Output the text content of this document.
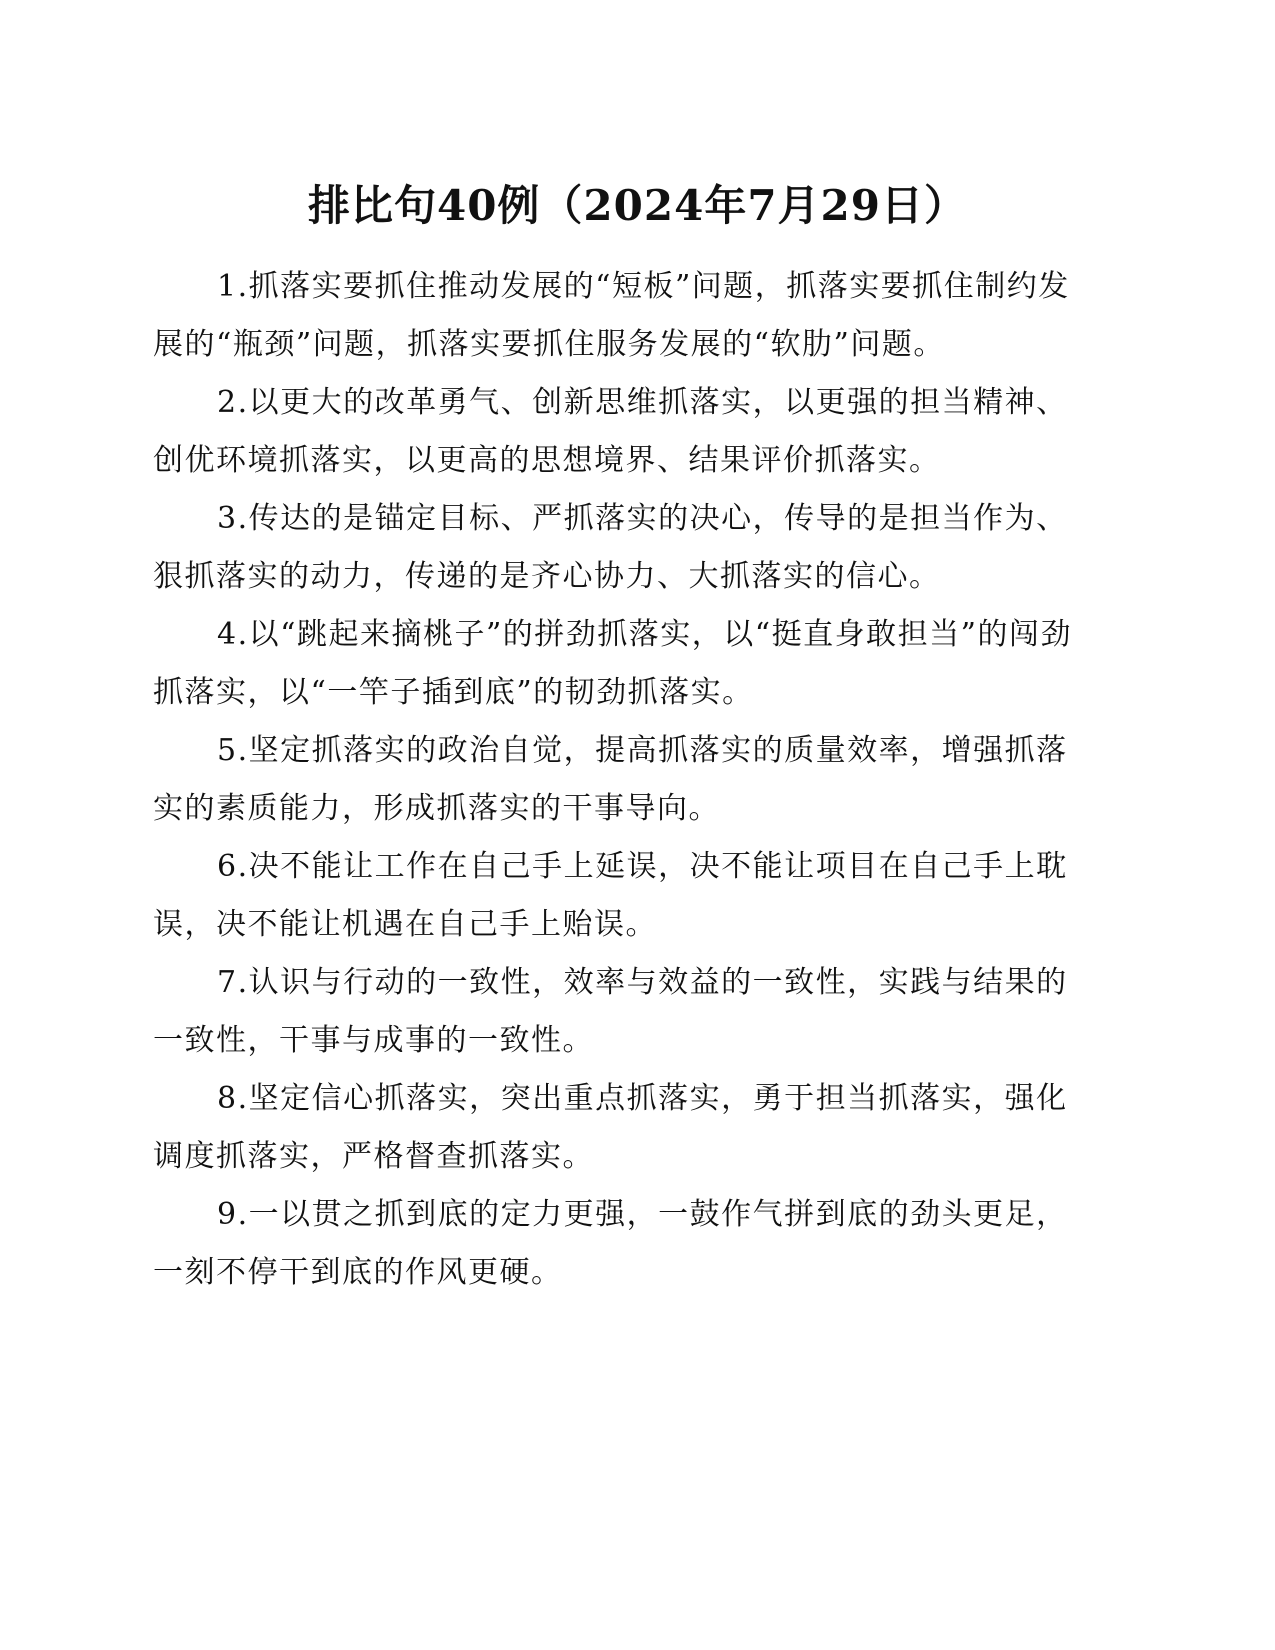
排比句40例（2024年7月29日）

1.抓落实要抓住推动发展的“短板”问题，抓落实要抓住制约发展的“瓶颈”问题，抓落实要抓住服务发展的“软肋”问题。

2.以更大的改革勇气、创新思维抓落实，以更强的担当精神、创优环境抓落实，以更高的思想境界、结果评价抓落实。

3.传达的是锚定目标、严抓落实的决心，传导的是担当作为、狠抓落实的动力，传递的是齐心协力、大抓落实的信心。

4.以“跳起来摘桃子”的拼劲抓落实，以“挺直身敢担当”的闯劲抓落实，以“一竿子插到底”的韧劲抓落实。

5.坚定抓落实的政治自觉，提高抓落实的质量效率，增强抓落实的素质能力，形成抓落实的干事导向。

6.决不能让工作在自己手上延误，决不能让项目在自己手上耽误，决不能让机遇在自己手上贻误。

7.认识与行动的一致性，效率与效益的一致性，实践与结果的一致性，干事与成事的一致性。

8.坚定信心抓落实，突出重点抓落实，勇于担当抓落实，强化调度抓落实，严格督查抓落实。

9.一以贯之抓到底的定力更强，一鼓作气拼到底的劲头更足，一刻不停干到底的作风更硬。
